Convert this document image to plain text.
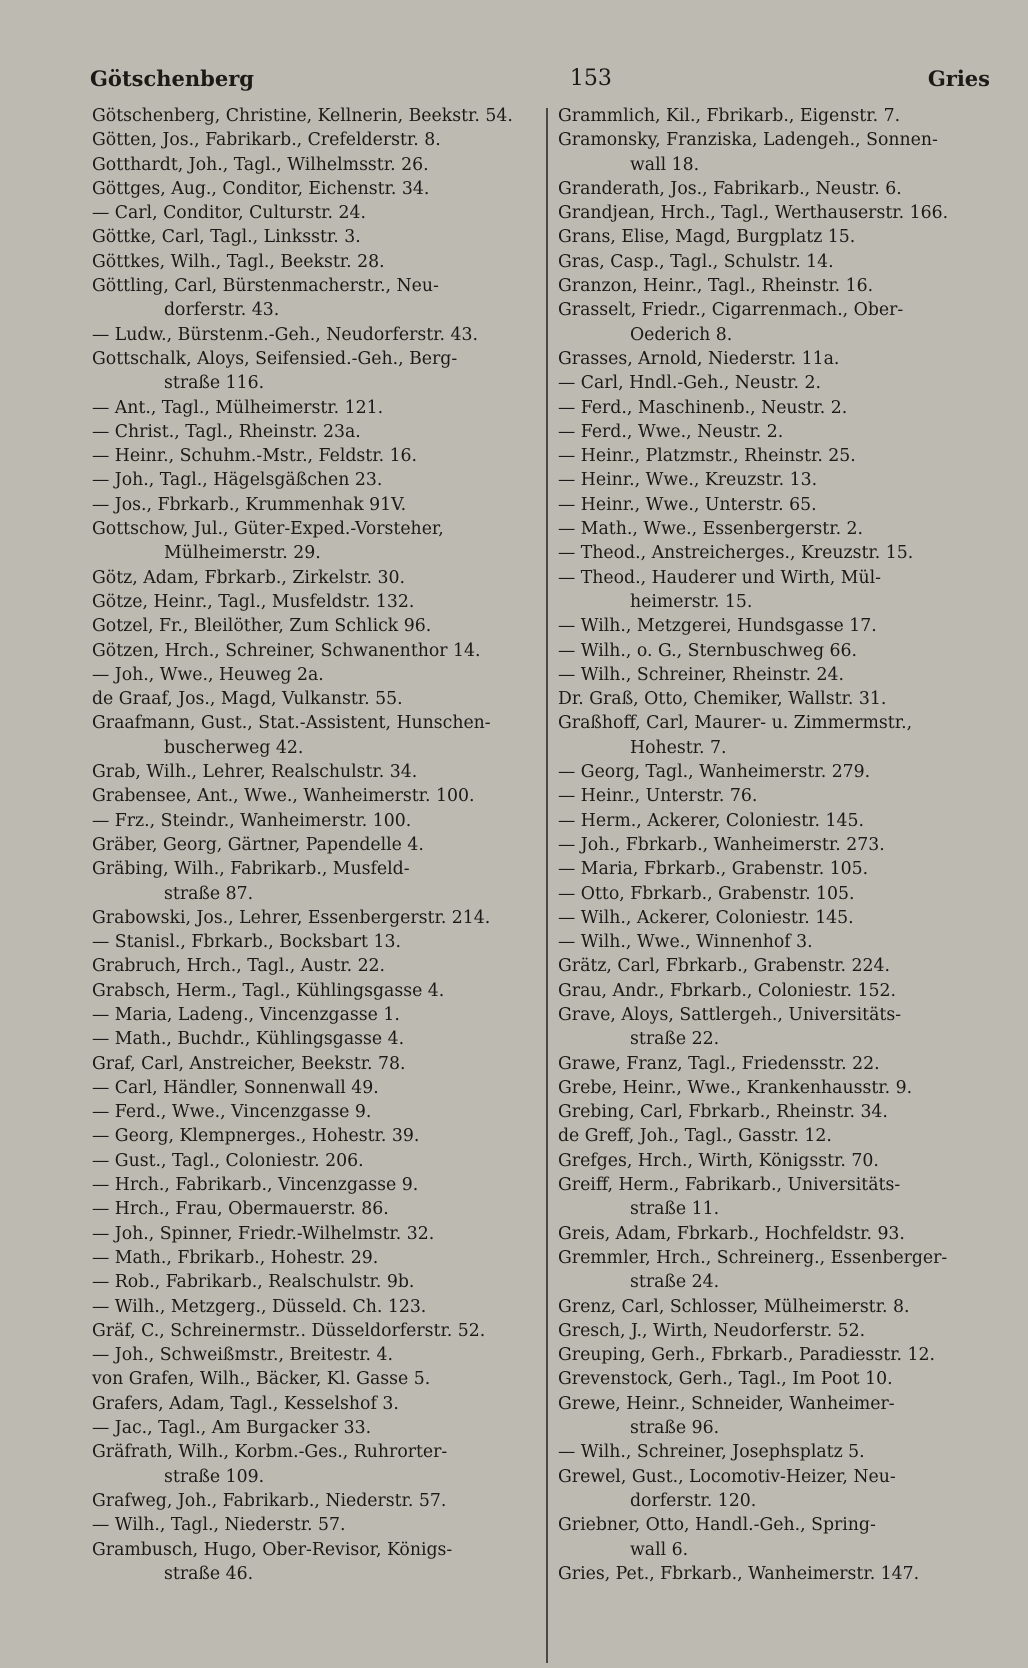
Götschenberg	153	Gries
Götschenberg, Christine, Kellnerin, Beekstr. 54.
Götten, Jos., Fabrikarb., Crefelderstr. 8.
Gotthardt, Joh., Tagl., Wilhelmsstr. 26.
Göttges, Aug., Conditor, Eichenstr. 34.
— Carl, Conditor, Culturstr. 24.
Göttke, Carl, Tagl., Linksstr. 3.
Göttkes, Wilh., Tagl., Beekstr. 28.
Göttling, Carl, Bürstenmacherstr., Neu-
dorferstr. 43.
— Ludw., Bürstenm.-Geh., Neudorferstr. 43.
Gottschalk, Aloys, Seifensied.-Geh., Berg-
straße 116.
— Ant., Tagl., Mülheimerstr. 121.
— Christ., Tagl., Rheinstr. 23a.
— Heinr., Schuhm.-Mstr., Feldstr. 16.
— Joh., Tagl., Hägelsgäßchen 23.
— Jos., Fbrkarb., Krummenhak 91V.
Gottschow, Jul., Güter-Exped.-Vorsteher,
Mülheimerstr. 29.
Götz, Adam, Fbrkarb., Zirkelstr. 30.
Götze, Heinr., Tagl., Musfeldstr. 132.
Gotzel, Fr., Bleilöther, Zum Schlick 96.
Götzen, Hrch., Schreiner, Schwanenthor 14.
— Joh., Wwe., Heuweg 2a.
de Graaf, Jos., Magd, Vulkanstr. 55.
Graafmann, Gust., Stat.-Assistent, Hunschen-
buscherweg 42.
Grab, Wilh., Lehrer, Realschulstr. 34.
Grabensee, Ant., Wwe., Wanheimerstr. 100.
— Frz., Steindr., Wanheimerstr. 100.
Gräber, Georg, Gärtner, Papendelle 4.
Gräbing, Wilh., Fabrikarb., Musfeld-
straße 87.
Grabowski, Jos., Lehrer, Essenbergerstr. 214.
— Stanisl., Fbrkarb., Bocksbart 13.
Grabruch, Hrch., Tagl., Austr. 22.
Grabsch, Herm., Tagl., Kühlingsgasse 4.
— Maria, Ladeng., Vincenzgasse 1.
— Math., Buchdr., Kühlingsgasse 4.
Graf, Carl, Anstreicher, Beekstr. 78.
— Carl, Händler, Sonnenwall 49.
— Ferd., Wwe., Vincenzgasse 9.
— Georg, Klempnerges., Hohestr. 39.
— Gust., Tagl., Coloniestr. 206.
— Hrch., Fabrikarb., Vincenzgasse 9.
— Hrch., Frau, Obermauerstr. 86.
— Joh., Spinner, Friedr.-Wilhelmstr. 32.
— Math., Fbrikarb., Hohestr. 29.
— Rob., Fabrikarb., Realschulstr. 9b.
— Wilh., Metzgerg., Düsseld. Ch. 123.
Gräf, C., Schreinermstr.. Düsseldorferstr. 52.
— Joh., Schweißmstr., Breitestr. 4.
von Grafen, Wilh., Bäcker, Kl. Gasse 5.
Grafers, Adam, Tagl., Kesselshof 3.
— Jac., Tagl., Am Burgacker 33.
Gräfrath, Wilh., Korbm.-Ges., Ruhrorter-
straße 109.
Grafweg, Joh., Fabrikarb., Niederstr. 57.
— Wilh., Tagl., Niederstr. 57.
Grambusch, Hugo, Ober-Revisor, Königs-
straße 46.
Grammlich, Kil., Fbrikarb., Eigenstr. 7.
Gramonsky, Franziska, Ladengeh., Sonnen-
wall 18.
Granderath, Jos., Fabrikarb., Neustr. 6.
Grandjean, Hrch., Tagl., Werthauserstr. 166.
Grans, Elise, Magd, Burgplatz 15.
Gras, Casp., Tagl., Schulstr. 14.
Granzon, Heinr., Tagl., Rheinstr. 16.
Grasselt, Friedr., Cigarrenmach., Ober-
Oederich 8.
Grasses, Arnold, Niederstr. 11a.
— Carl, Hndl.-Geh., Neustr. 2.
— Ferd., Maschinenb., Neustr. 2.
— Ferd., Wwe., Neustr. 2.
— Heinr., Platzmstr., Rheinstr. 25.
— Heinr., Wwe., Kreuzstr. 13.
— Heinr., Wwe., Unterstr. 65.
— Math., Wwe., Essenbergerstr. 2.
— Theod., Anstreicherges., Kreuzstr. 15.
— Theod., Hauderer und Wirth, Mül-
heimerstr. 15.
— Wilh., Metzgerei, Hundsgasse 17.
— Wilh., o. G., Sternbuschweg 66.
— Wilh., Schreiner, Rheinstr. 24.
Dr. Graß, Otto, Chemiker, Wallstr. 31.
Graßhoff, Carl, Maurer- u. Zimmermstr.,
Hohestr. 7.
— Georg, Tagl., Wanheimerstr. 279.
— Heinr., Unterstr. 76.
— Herm., Ackerer, Coloniestr. 145.
— Joh., Fbrkarb., Wanheimerstr. 273.
— Maria, Fbrkarb., Grabenstr. 105.
— Otto, Fbrkarb., Grabenstr. 105.
— Wilh., Ackerer, Coloniestr. 145.
— Wilh., Wwe., Winnenhof 3.
Grätz, Carl, Fbrkarb., Grabenstr. 224.
Grau, Andr., Fbrkarb., Coloniestr. 152.
Grave, Aloys, Sattlergeh., Universitäts-
straße 22.
Grawe, Franz, Tagl., Friedensstr. 22.
Grebe, Heinr., Wwe., Krankenhausstr. 9.
Grebing, Carl, Fbrkarb., Rheinstr. 34.
de Greff, Joh., Tagl., Gasstr. 12.
Grefges, Hrch., Wirth, Königsstr. 70.
Greiff, Herm., Fabrikarb., Universitäts-
straße 11.
Greis, Adam, Fbrkarb., Hochfeldstr. 93.
Gremmler, Hrch., Schreinerg., Essenberger-
straße 24.
Grenz, Carl, Schlosser, Mülheimerstr. 8.
Gresch, J., Wirth, Neudorferstr. 52.
Greuping, Gerh., Fbrkarb., Paradiesstr. 12.
Grevenstock, Gerh., Tagl., Im Poot 10.
Grewe, Heinr., Schneider, Wanheimer-
straße 96.
— Wilh., Schreiner, Josephsplatz 5.
Grewel, Gust., Locomotiv-Heizer, Neu-
dorferstr. 120.
Griebner, Otto, Handl.-Geh., Spring-
wall 6.
Gries, Pet., Fbrkarb., Wanheimerstr. 147.
